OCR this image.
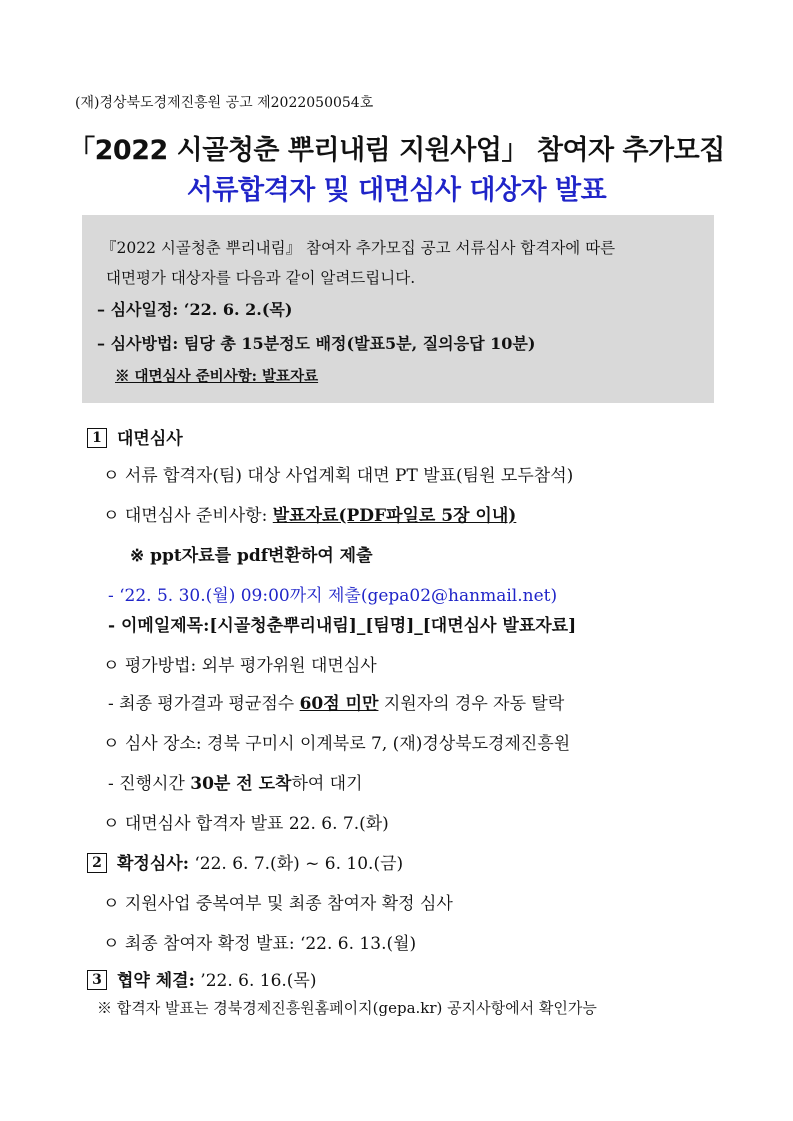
(재)경상북도경제진흥원 공고 제2022050054호
「2022 시골청춘 뿌리내림 지원사업」 참여자 추가모집
서류합격자 및 대면심사 대상자 발표
『2022 시골청춘 뿌리내림』 참여자 추가모집 공고 서류심사 합격자에 따른
대면평가 대상자를 다음과 같이 알려드립니다.
– 심사일정: ‘22. 6. 2.(목)
– 심사방법: 팀당 총 15분정도 배정(발표5분, 질의응답 10분)
※ 대면심사 준비사항: 발표자료
1 대면심사
ㅇ 서류 합격자(팀) 대상 사업계획 대면 PT 발표(팀원 모두참석)
ㅇ 대면심사 준비사항: 발표자료(PDF파일로 5장 이내)
※ ppt자료를 pdf변환하여 제출
- ‘22. 5. 30.(월) 09:00까지 제출(gepa02@hanmail.net)
- 이메일제목:[시골청춘뿌리내림]_[팀명]_[대면심사 발표자료]
ㅇ 평가방법: 외부 평가위원 대면심사
- 최종 평가결과 평균점수 60점 미만 지원자의 경우 자동 탈락
ㅇ 심사 장소: 경북 구미시 이계북로 7, (재)경상북도경제진흥원
- 진행시간 30분 전 도착하여 대기
ㅇ 대면심사 합격자 발표 22. 6. 7.(화)
2 확정심사: ‘22. 6. 7.(화) ~ 6. 10.(금)
ㅇ 지원사업 중복여부 및 최종 참여자 확정 심사
ㅇ 최종 참여자 확정 발표: ‘22. 6. 13.(월)
3 협약 체결: ’22. 6. 16.(목)
※ 합격자 발표는 경북경제진흥원홈페이지(gepa.kr) 공지사항에서 확인가능
